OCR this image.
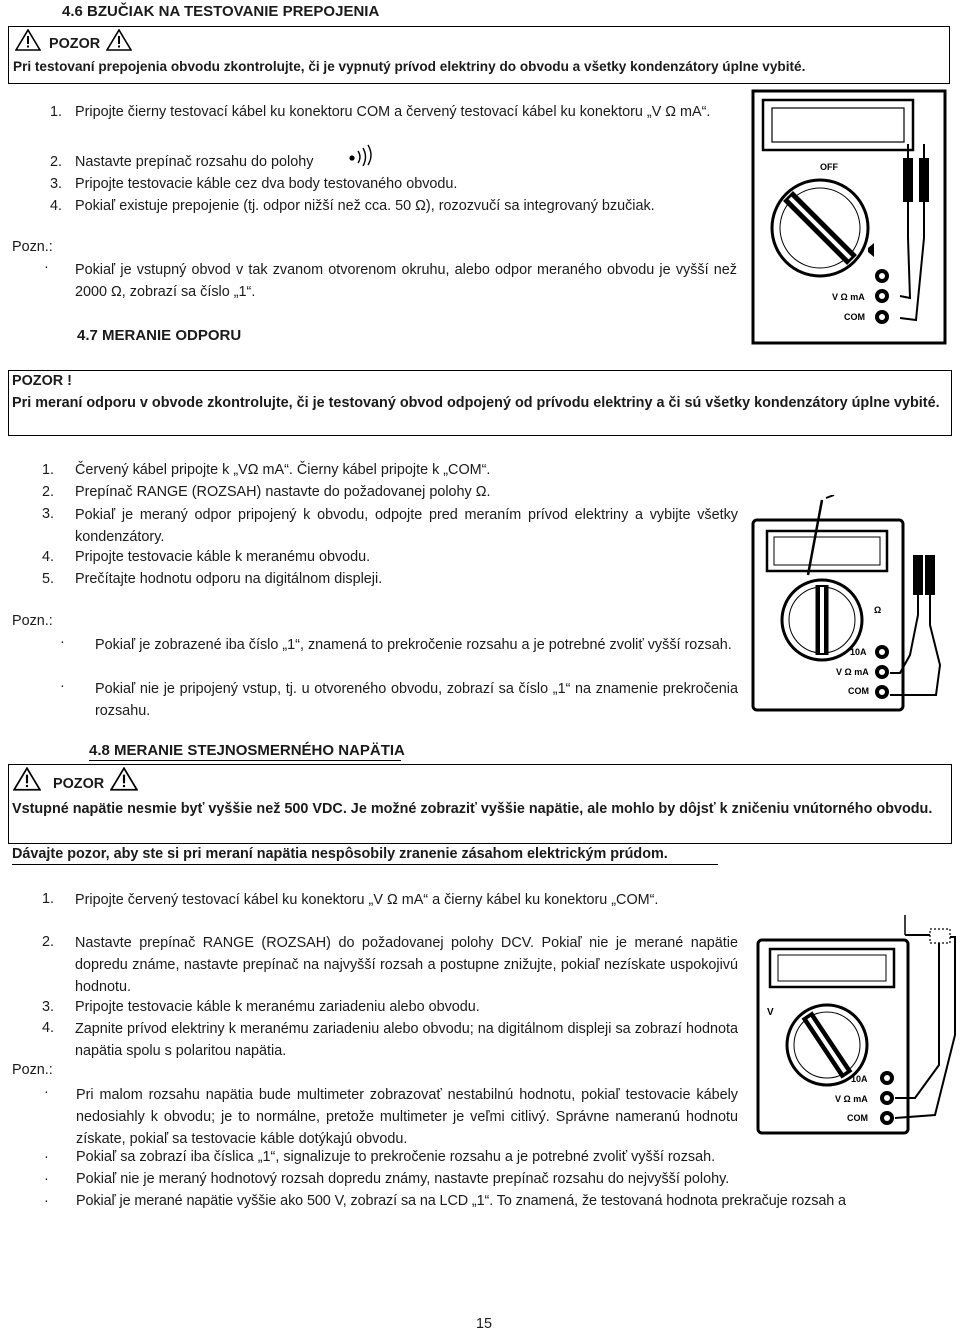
4.6 BZUČIAK NA TESTOVANIE PREPOJENIA
POZOR
Pri testovaní prepojenia obvodu zkontrolujte, či je vypnutý prívod elektriny do obvodu a všetky kondenzátory úplne vybité.
1. Pripojte čierny testovací kábel ku konektoru COM a červený testovací kábel ku konektoru „V Ω mA“.
2. Nastavte prepínač rozsahu do polohy
3. Pripojte testovacie káble cez dva body testovaného obvodu.
4. Pokiaľ existuje prepojenie (tj. odpor nižší než cca. 50 Ω), rozozvučí sa integrovaný bzučiak.
Pozn.:
· Pokiaľ je vstupný obvod v tak zvanom otvorenom okruhu, alebo odpor meraného obvodu je vyšší než 2000 Ω, zobrazí sa číslo „1“.
OFF
V Ω mA
COM
4.7 MERANIE ODPORU
POZOR !
Pri meraní odporu v obvode zkontrolujte, či je testovaný obvod odpojený od prívodu elektriny a či sú všetky kondenzátory úplne vybité.
1. Červený kábel pripojte k „VΩ mA“. Čierny kábel pripojte k „COM“.
2. Prepínač RANGE (ROZSAH) nastavte do požadovanej polohy Ω.
3. Pokiaľ je meraný odpor pripojený k obvodu, odpojte pred meraním prívod elektriny a vybijte všetky kondenzátory.
4. Pripojte testovacie káble k meranému obvodu.
5. Prečítajte hodnotu odporu na digitálnom displeji.
Pozn.:
· Pokiaľ je zobrazené iba číslo „1“, znamená to prekročenie rozsahu a je potrebné zvoliť vyšší rozsah.
· Pokiaľ nie je pripojený vstup, tj. u otvoreného obvodu, zobrazí sa číslo „1“ na znamenie prekročenia rozsahu.
Ω
10A
V Ω mA
COM
4.8 MERANIE STEJNOSMERNÉHO NAPÄTIA
POZOR
Vstupné napätie nesmie byť vyššie než 500 VDC. Je možné zobraziť vyššie napätie, ale mohlo by dôjsť k zničeniu vnútorného obvodu.
Dávajte pozor, aby ste si pri meraní napätia nespôsobily zranenie zásahom elektrickým prúdom.
1. Pripojte červený testovací kábel ku konektoru „V Ω mA“ a čierny kábel ku konektoru „COM“.
2. Nastavte prepínač RANGE (ROZSAH) do požadovanej polohy DCV. Pokiaľ nie je merané napätie dopredu známe, nastavte prepínač na najvyšší rozsah a postupne znižujte, pokiaľ nezískate uspokojivú hodnotu.
3. Pripojte testovacie káble k meranému zariadeniu alebo obvodu.
4. Zapnite prívod elektriny k meranému zariadeniu alebo obvodu; na digitálnom displeji sa zobrazí hodnota napätia spolu s polaritou napätia.
Pozn.:
· Pri malom rozsahu napätia bude multimeter zobrazovať nestabilnú hodnotu, pokiaľ testovacie kábely nedosiahly k obvodu; je to normálne, pretože multimeter je veľmi citlivý. Správne nameranú hodnotu získate, pokiaľ sa testovacie káble dotýkajú obvodu.
· Pokiaľ sa zobrazí iba číslica „1“, signalizuje to prekročenie rozsahu a je potrebné zvoliť vyšší rozsah.
· Pokiaľ nie je meraný hodnotový rozsah dopredu známy, nastavte prepínač rozsahu do nejvyšší polohy.
· Pokiaľ je merané napätie vyššie ako 500 V, zobrazí sa na LCD „1“. To znamená, že testovaná hodnota prekračuje rozsah a
V
10A
V Ω mA
COM
15
